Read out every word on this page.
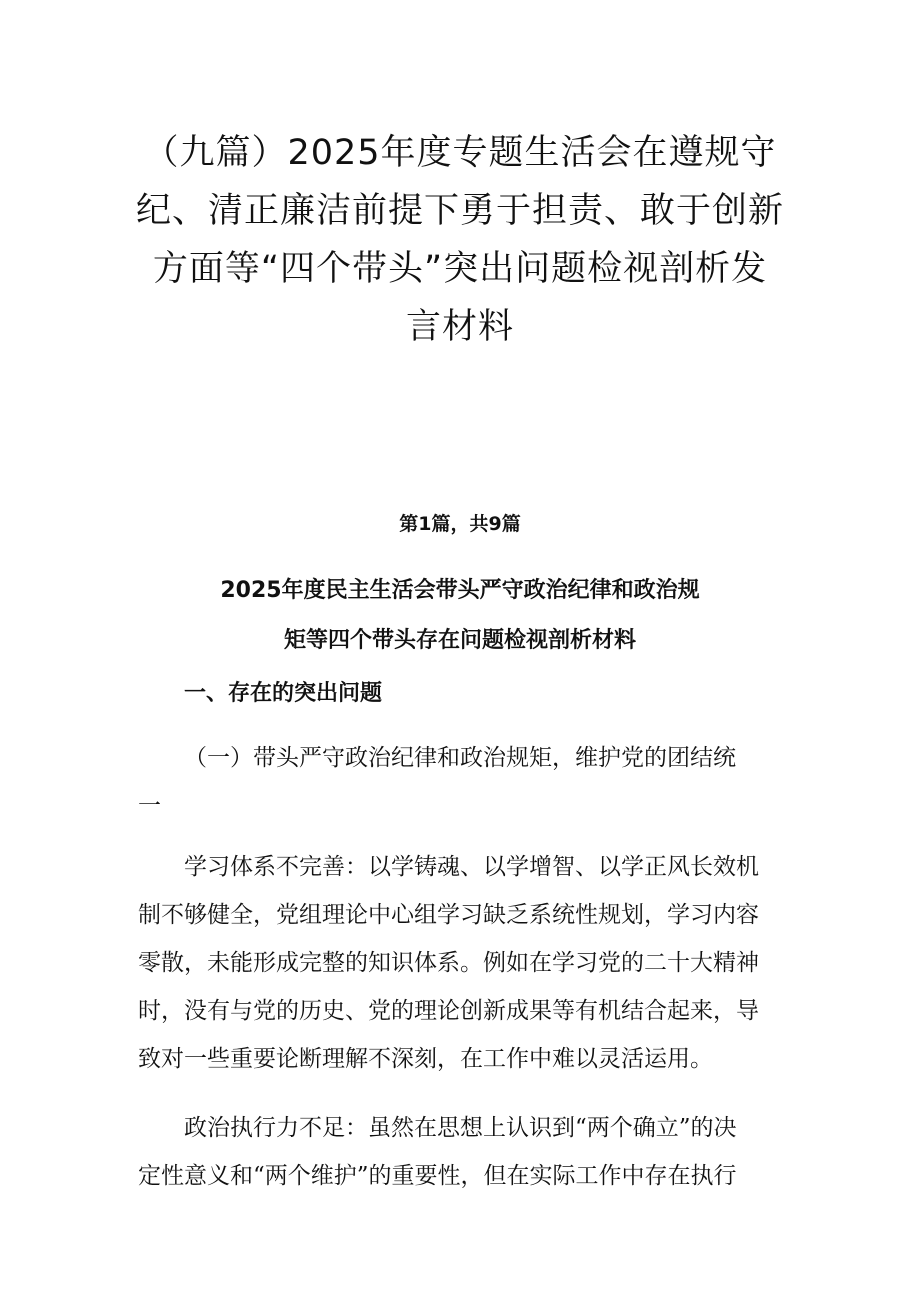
（九篇）2025年度专题生活会在遵规守
纪、清正廉洁前提下勇于担责、敢于创新
方面等“四个带头”突出问题检视剖析发
言材料
第1篇，共9篇
2025年度民主生活会带头严守政治纪律和政治规
矩等四个带头存在问题检视剖析材料
一、存在的突出问题
（一）带头严守政治纪律和政治规矩，维护党的团结统
一
学习体系不完善：以学铸魂、以学增智、以学正风长效机
制不够健全，党组理论中心组学习缺乏系统性规划，学习内容
零散，未能形成完整的知识体系。例如在学习党的二十大精神
时，没有与党的历史、党的理论创新成果等有机结合起来，导
致对一些重要论断理解不深刻，在工作中难以灵活运用。
政治执行力不足：虽然在思想上认识到“两个确立”的决
定性意义和“两个维护”的重要性，但在实际工作中存在执行
